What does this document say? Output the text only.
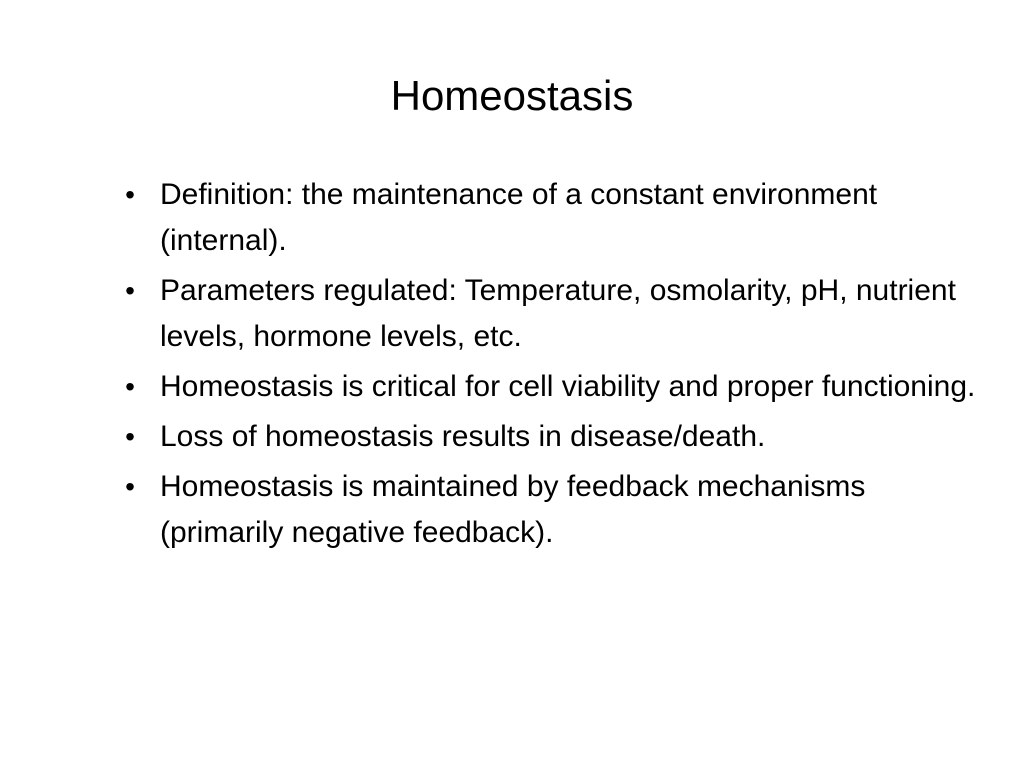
Homeostasis
• Definition: the maintenance of a constant environment (internal).
• Parameters regulated: Temperature, osmolarity, pH, nutrient levels, hormone levels, etc.
• Homeostasis is critical for cell viability and proper functioning.
• Loss of homeostasis results in disease/death.
• Homeostasis is maintained by feedback mechanisms (primarily negative feedback).
